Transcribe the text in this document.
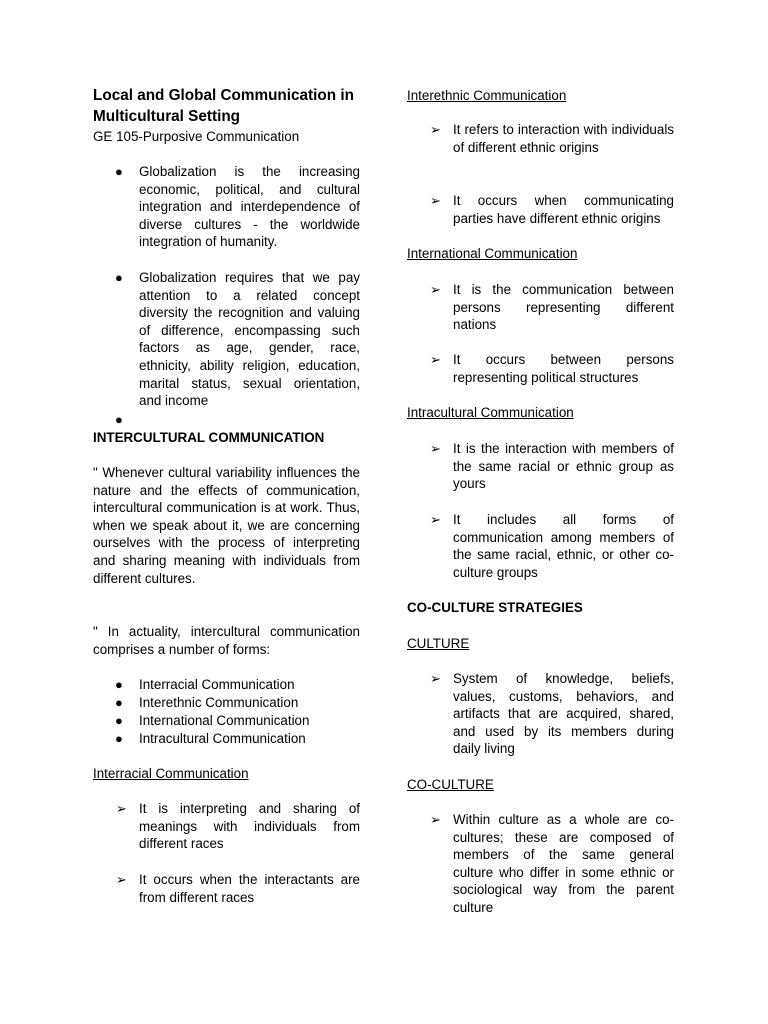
Local and Global Communication in Multicultural Setting
GE 105-Purposive Communication
● Globalization is the increasing economic, political, and cultural integration and interdependence of diverse cultures - the worldwide integration of humanity.
● Globalization requires that we pay attention to a related concept diversity the recognition and valuing of difference, encompassing such factors as age, gender, race, ethnicity, ability religion, education, marital status, sexual orientation, and income
●
INTERCULTURAL COMMUNICATION
" Whenever cultural variability influences the nature and the effects of communication, intercultural communication is at work. Thus, when we speak about it, we are concerning ourselves with the process of interpreting and sharing meaning with individuals from different cultures.
" In actuality, intercultural communication comprises a number of forms:
● Interracial Communication
● Interethnic Communication
● International Communication
● Intracultural Communication
Interracial Communication
➢ It is interpreting and sharing of meanings with individuals from different races
➢ It occurs when the interactants are from different races
Interethnic Communication
➢ It refers to interaction with individuals of different ethnic origins
➢ It occurs when communicating parties have different ethnic origins
International Communication
➢ It is the communication between persons representing different nations
➢ It occurs between persons representing political structures
Intracultural Communication
➢ It is the interaction with members of the same racial or ethnic group as yours
➢ It includes all forms of communication among members of the same racial, ethnic, or other co-culture groups
CO-CULTURE STRATEGIES
CULTURE
➢ System of knowledge, beliefs, values, customs, behaviors, and artifacts that are acquired, shared, and used by its members during daily living
CO-CULTURE
➢ Within culture as a whole are co-cultures; these are composed of members of the same general culture who differ in some ethnic or sociological way from the parent culture
